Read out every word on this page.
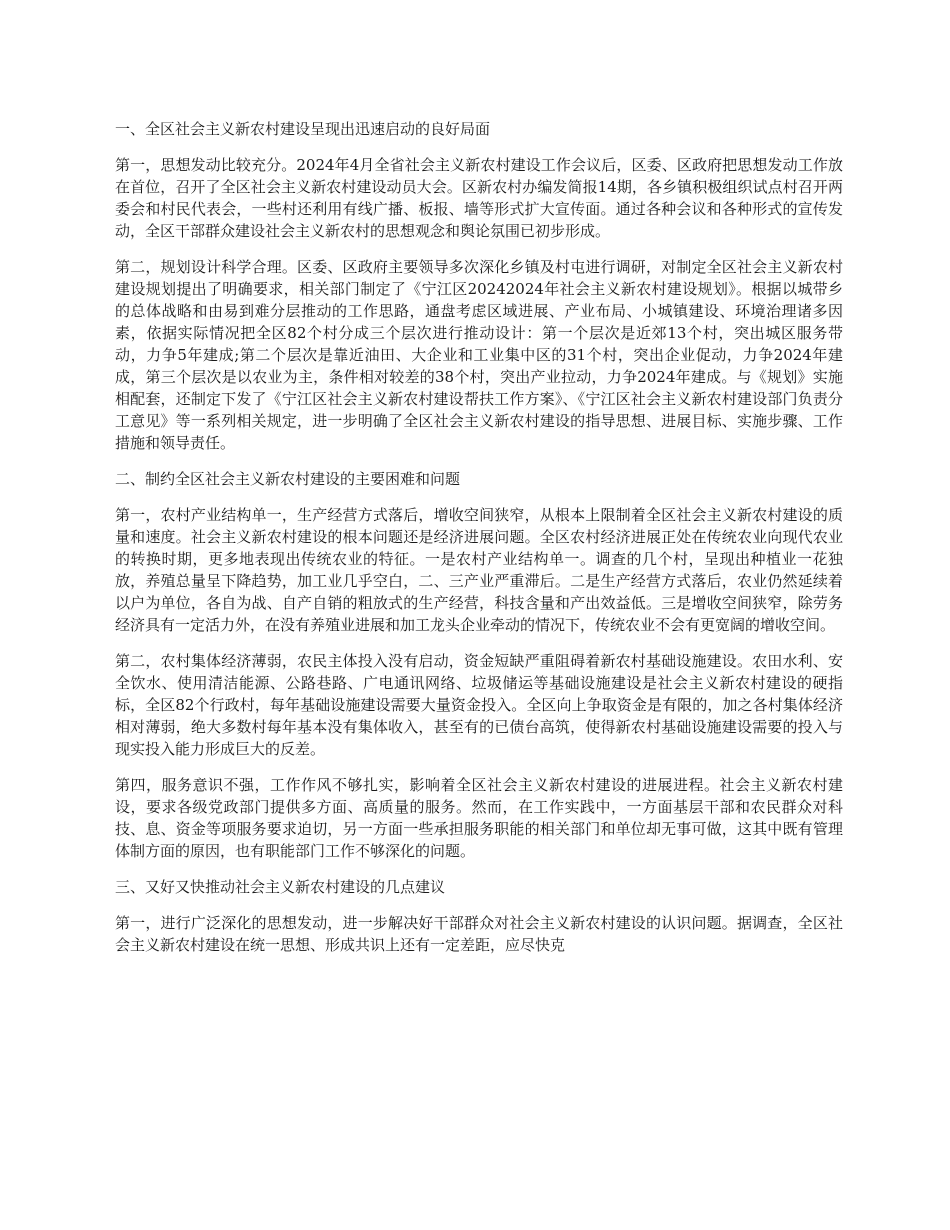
一、全区社会主义新农村建设呈现出迅速启动的良好局面

第一，思想发动比较充分。2024年4月全省社会主义新农村建设工作会议后，区委、区政府把思想发动工作放在首位，召开了全区社会主义新农村建设动员大会。区新农村办编发简报14期，各乡镇积极组织试点村召开两委会和村民代表会，一些村还利用有线广播、板报、墙等形式扩大宣传面。通过各种会议和各种形式的宣传发动，全区干部群众建设社会主义新农村的思想观念和舆论氛围已初步形成。

第二，规划设计科学合理。区委、区政府主要领导多次深化乡镇及村屯进行调研，对制定全区社会主义新农村建设规划提出了明确要求，相关部门制定了《宁江区20242024年社会主义新农村建设规划》。根据以城带乡的总体战略和由易到难分层推动的工作思路，通盘考虑区域进展、产业布局、小城镇建设、环境治理诸多因素，依据实际情况把全区82个村分成三个层次进行推动设计：第一个层次是近郊13个村，突出城区服务带动，力争5年建成;第二个层次是靠近油田、大企业和工业集中区的31个村，突出企业促动，力争2024年建成，第三个层次是以农业为主，条件相对较差的38个村，突出产业拉动，力争2024年建成。与《规划》实施相配套，还制定下发了《宁江区社会主义新农村建设帮扶工作方案》、《宁江区社会主义新农村建设部门负责分工意见》等一系列相关规定，进一步明确了全区社会主义新农村建设的指导思想、进展目标、实施步骤、工作措施和领导责任。

二、制约全区社会主义新农村建设的主要困难和问题

第一，农村产业结构单一，生产经营方式落后，增收空间狭窄，从根本上限制着全区社会主义新农村建设的质量和速度。社会主义新农村建设的根本问题还是经济进展问题。全区农村经济进展正处在传统农业向现代农业的转换时期，更多地表现出传统农业的特征。一是农村产业结构单一。调查的几个村，呈现出种植业一花独放，养殖总量呈下降趋势，加工业几乎空白，二、三产业严重滞后。二是生产经营方式落后，农业仍然延续着以户为单位，各自为战、自产自销的粗放式的生产经营，科技含量和产出效益低。三是增收空间狭窄，除劳务经济具有一定活力外，在没有养殖业进展和加工龙头企业牵动的情况下，传统农业不会有更宽阔的增收空间。

第二，农村集体经济薄弱，农民主体投入没有启动，资金短缺严重阻碍着新农村基础设施建设。农田水利、安全饮水、使用清洁能源、公路巷路、广电通讯网络、垃圾储运等基础设施建设是社会主义新农村建设的硬指标，全区82个行政村，每年基础设施建设需要大量资金投入。全区向上争取资金是有限的，加之各村集体经济相对薄弱，绝大多数村每年基本没有集体收入，甚至有的已债台高筑，使得新农村基础设施建设需要的投入与现实投入能力形成巨大的反差。

第四，服务意识不强，工作作风不够扎实，影响着全区社会主义新农村建设的进展进程。社会主义新农村建设，要求各级党政部门提供多方面、高质量的服务。然而，在工作实践中，一方面基层干部和农民群众对科技、息、资金等项服务要求迫切，另一方面一些承担服务职能的相关部门和单位却无事可做，这其中既有管理体制方面的原因，也有职能部门工作不够深化的问题。

三、又好又快推动社会主义新农村建设的几点建议

第一，进行广泛深化的思想发动，进一步解决好干部群众对社会主义新农村建设的认识问题。据调查，全区社会主义新农村建设在统一思想、形成共识上还有一定差距，应尽快克
